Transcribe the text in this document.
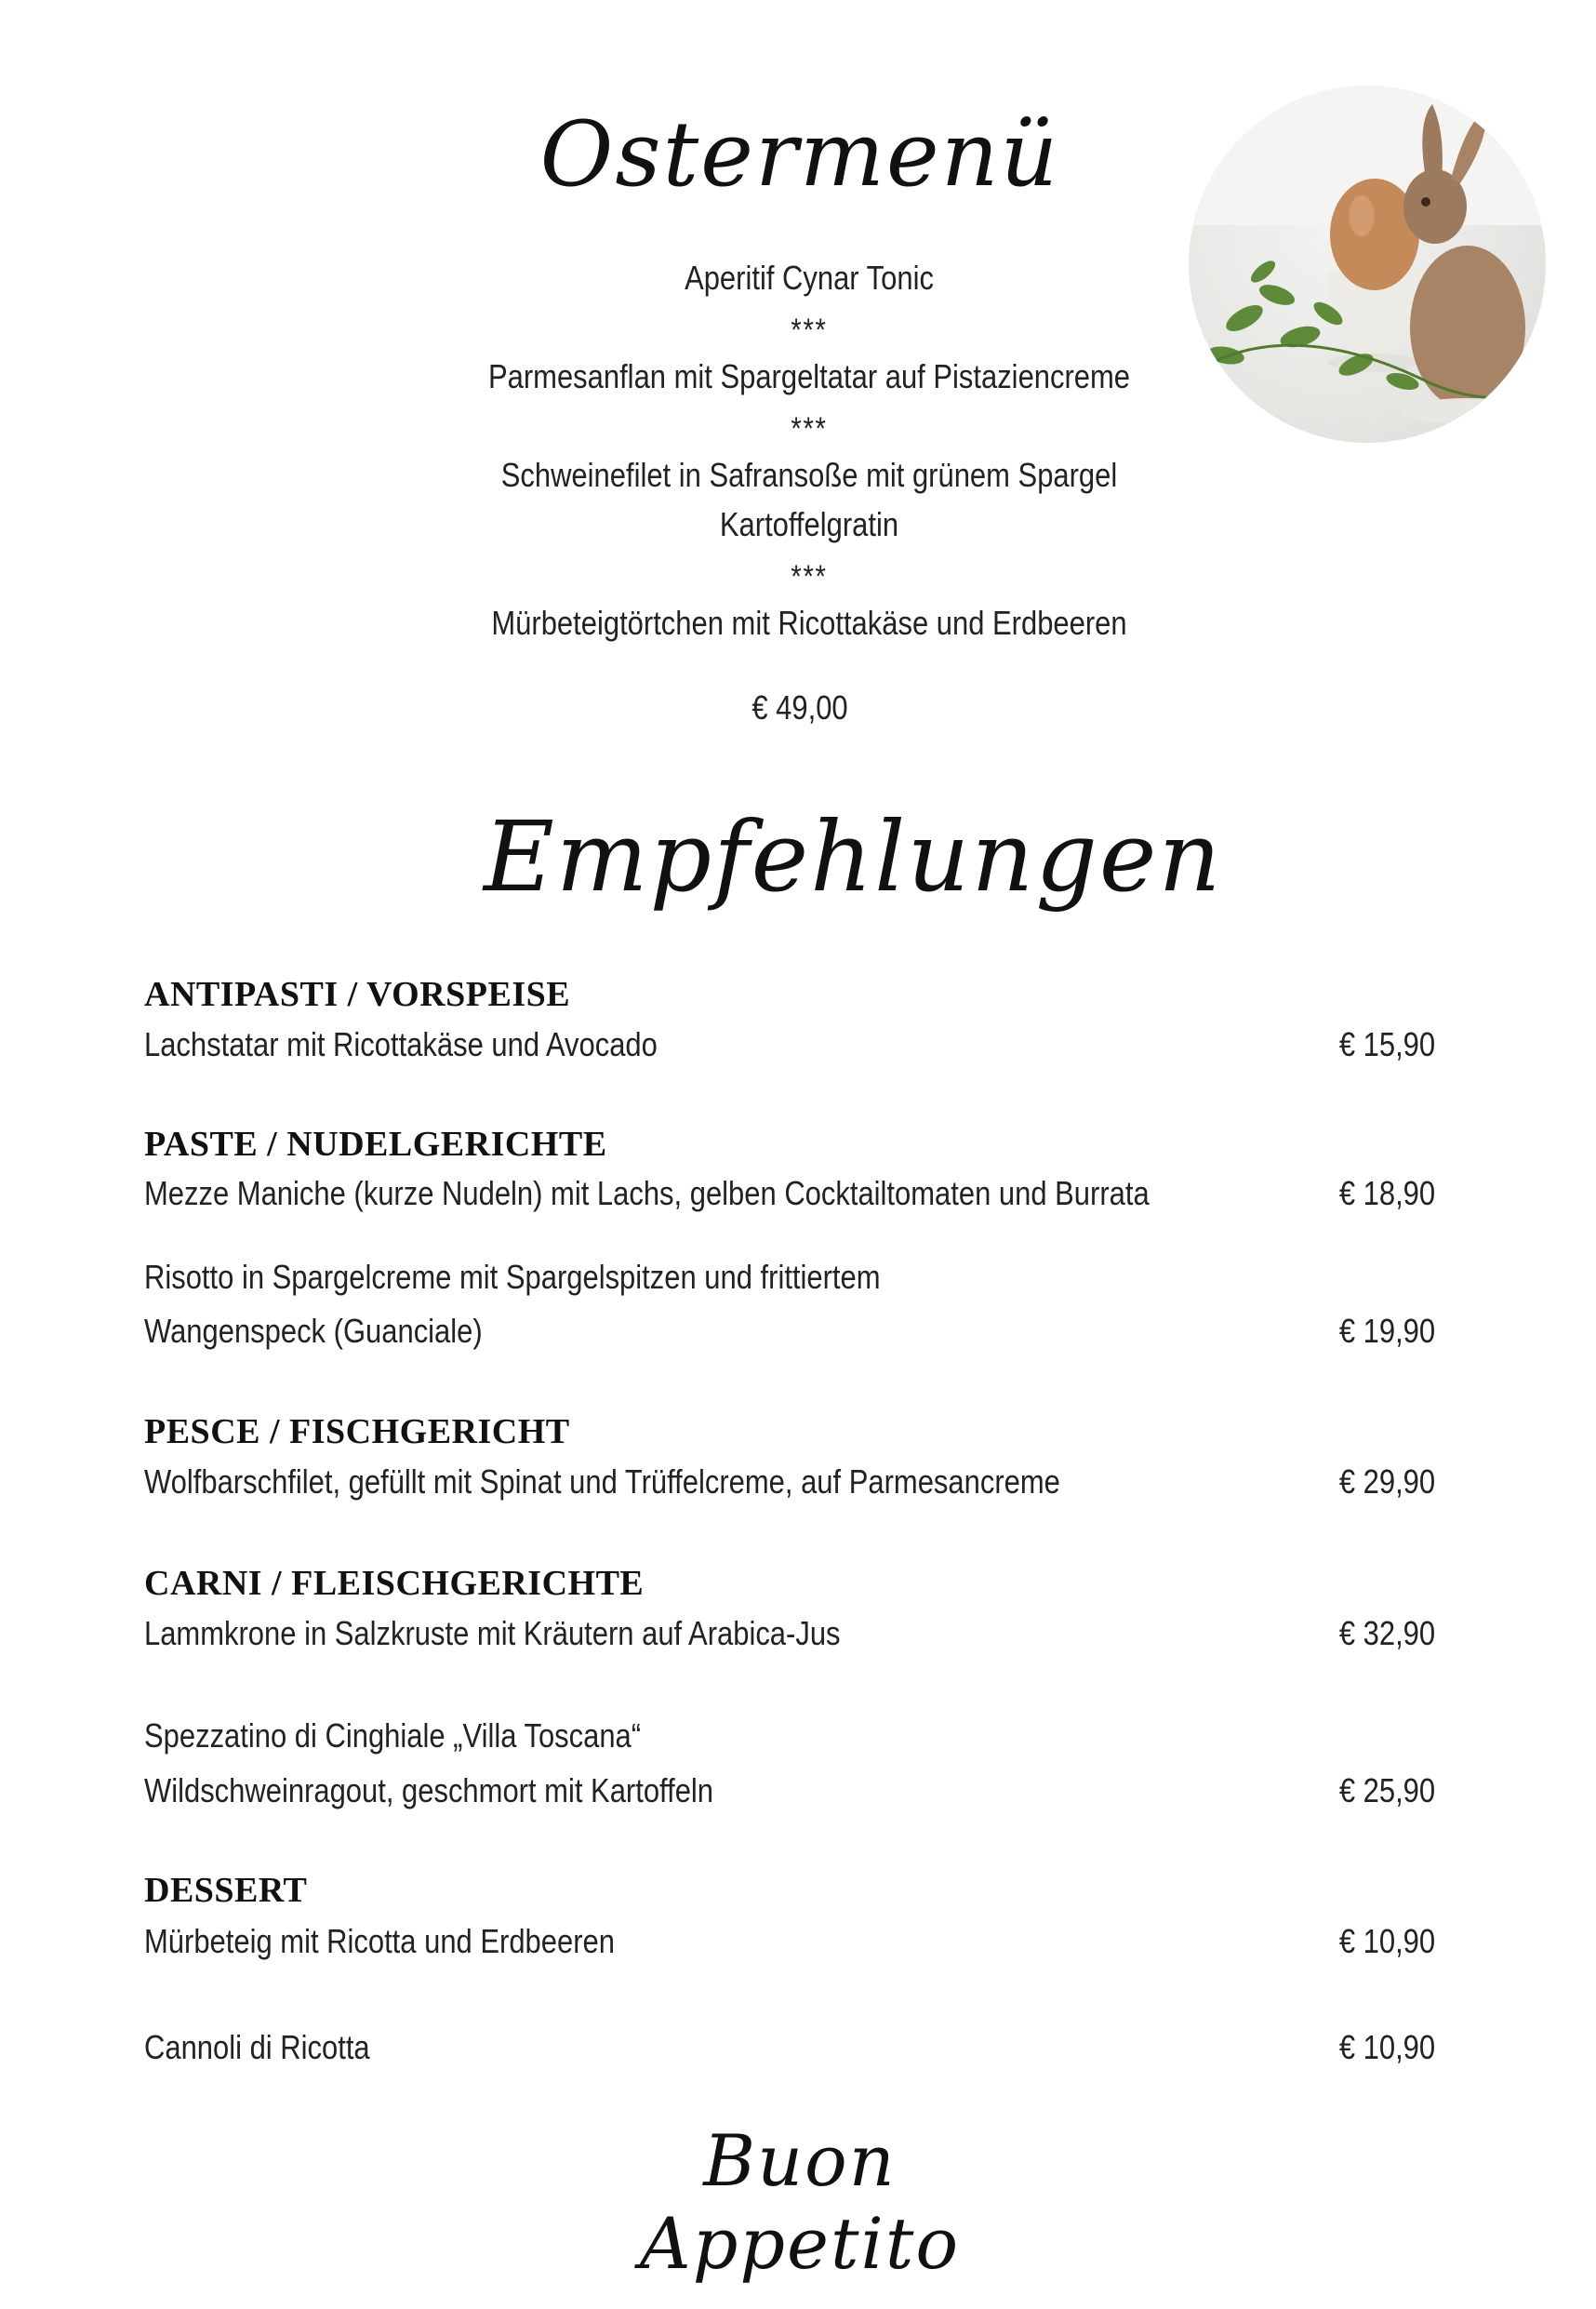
Ostermenü
Aperitif Cynar Tonic
***
Parmesanflan mit Spargeltatar auf Pistaziencreme
***
Schweinefilet in Safransoße mit grünem Spargel
Kartoffelgratin
***
Mürbeteigtörtchen mit Ricottakäse und Erdbeeren
€ 49,00
Empfehlungen
ANTIPASTI / VORSPEISE
Lachstatar mit Ricottakäse und Avocado	€ 15,90
PASTE / NUDELGERICHTE
Mezze Maniche (kurze Nudeln) mit Lachs, gelben Cocktailtomaten und Burrata	€ 18,90
Risotto in Spargelcreme mit Spargelspitzen und frittiertem
Wangenspeck (Guanciale)	€ 19,90
PESCE / FISCHGERICHT
Wolfbarschfilet, gefüllt mit Spinat und Trüffelcreme, auf Parmesancreme	€ 29,90
CARNI / FLEISCHGERICHTE
Lammkrone in Salzkruste mit Kräutern auf Arabica-Jus	€ 32,90
Spezzatino di Cinghiale „Villa Toscana“
Wildschweinragout, geschmort mit Kartoffeln	€ 25,90
DESSERT
Mürbeteig mit Ricotta und Erdbeeren	€ 10,90
Cannoli di Ricotta	€ 10,90
Buon Appetito
